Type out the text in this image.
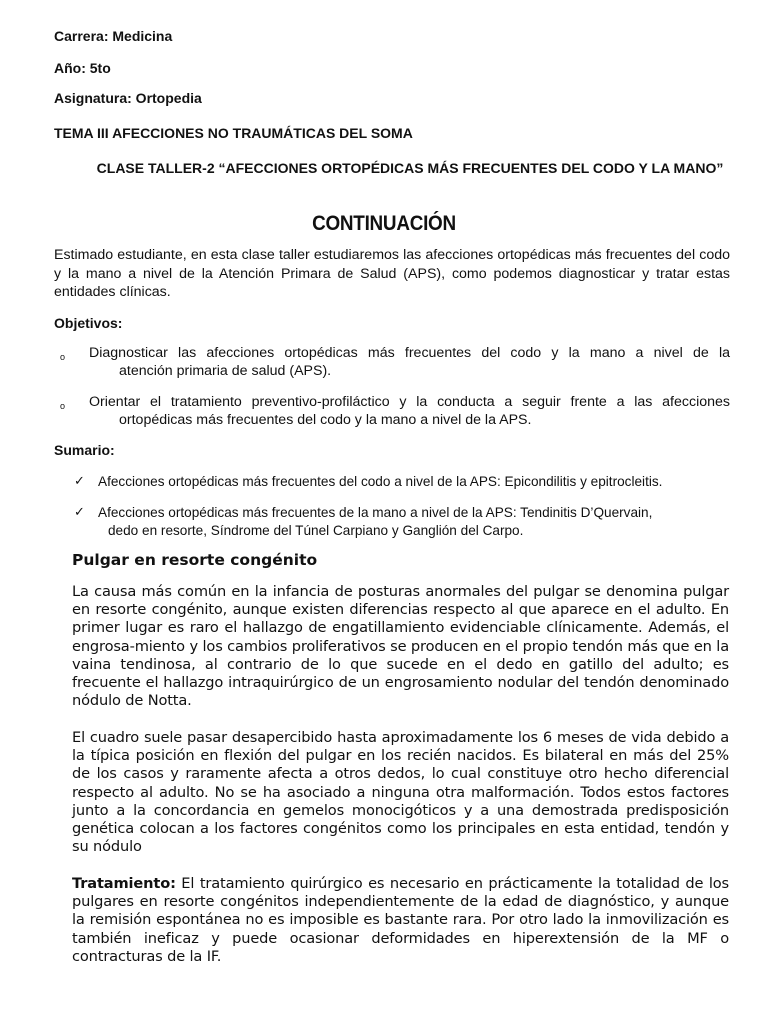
Carrera: Medicina

Año: 5to

Asignatura: Ortopedia

TEMA III AFECCIONES NO TRAUMÁTICAS DEL SOMA

CLASE TALLER-2 “AFECCIONES ORTOPÉDICAS MÁS FRECUENTES DEL CODO Y LA MANO”

CONTINUACIÓN

Estimado estudiante, en esta clase taller estudiaremos las afecciones ortopédicas más frecuentes del codo y la mano a nivel de la Atención Primara de Salud (APS), como podemos diagnosticar y tratar estas entidades clínicas.

Objetivos:

o Diagnosticar las afecciones ortopédicas más frecuentes del codo y la mano a nivel de la
atención primaria de salud (APS).
o Orientar el tratamiento preventivo-profiláctico y la conducta a seguir frente a las afecciones
ortopédicas más frecuentes del codo y la mano a nivel de la APS.

Sumario:

✓ Afecciones ortopédicas más frecuentes del codo a nivel de la APS: Epicondilitis y epitrocleitis.
✓ Afecciones ortopédicas más frecuentes de la mano a nivel de la APS: Tendinitis D’Quervain,
dedo en resorte, Síndrome del Túnel Carpiano y Ganglión del Carpo.

Pulgar en resorte congénito

La causa más común en la infancia de posturas anormales del pulgar se denomina pulgar en resorte congénito, aunque existen diferencias respecto al que aparece en el adulto. En primer lugar es raro el hallazgo de engatillamiento evidenciable clínicamente. Además, el engrosa-miento y los cambios proliferativos se producen en el propio tendón más que en la vaina tendinosa, al contrario de lo que sucede en el dedo en gatillo del adulto; es frecuente el hallazgo intraquirúrgico de un engrosamiento nodular del tendón denominado nódulo de Notta.

El cuadro suele pasar desapercibido hasta aproximadamente los 6 meses de vida debido a la típica posición en flexión del pulgar en los recién nacidos. Es bilateral en más del 25% de los casos y raramente afecta a otros dedos, lo cual constituye otro hecho diferencial respecto al adulto. No se ha asociado a ninguna otra malformación. Todos estos factores junto a la concordancia en gemelos monocigóticos y a una demostrada predisposición genética colocan a los factores congénitos como los principales en esta entidad, tendón y su nódulo

Tratamiento: El tratamiento quirúrgico es necesario en prácticamente la totalidad de los pulgares en resorte congénitos independientemente de la edad de diagnóstico, y aunque la remisión espontánea no es imposible es bastante rara. Por otro lado la inmovilización es también ineficaz y puede ocasionar deformidades en hiperextensión de la MF o contracturas de la IF.
